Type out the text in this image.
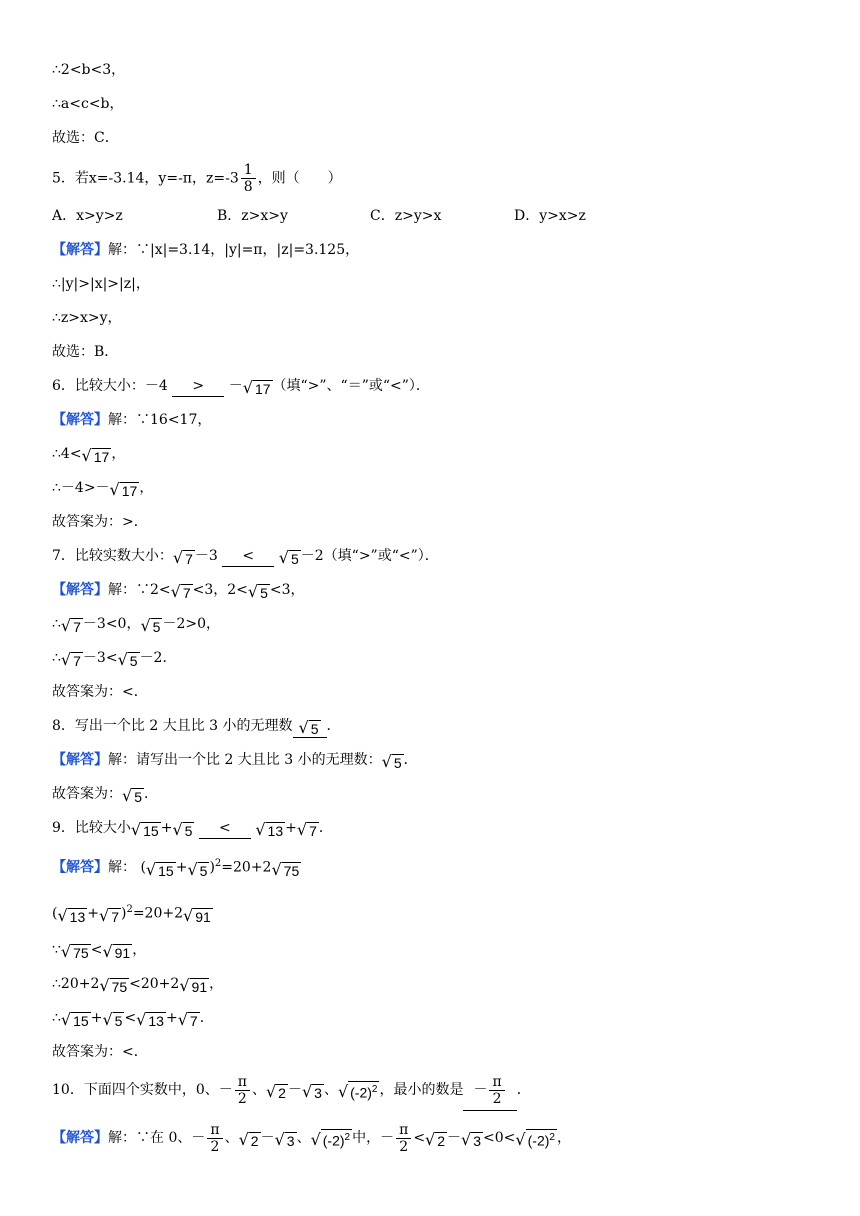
∴2<b<3，
∴a<c<b，
故选：C．
5．若x=-3.14，y=-π，$z=-3 \frac{1}{8}$ ，则（　　）
A．x>y>z	B．z>x>y	C．z>y>x	D．y>x>z
【解答】解：∵|x|=3.14，|y|=π，|z|=3.125，
∴|y|>|x|>|z|，
∴z>x>y，
故选：B．
6．比较大小：－4 > － √ 17 （填“>”、“＝”或“<”）．
【解答】解：∵16<17，
∴4< √ 17 ，
∴－4>－ √ 17 ，
故答案为：>．
7．比较实数大小： √ 7 －3 < √ 5 －2（填“>”或“<”）．
【解答】解：∵2< √ 7 <3，2< √ 5 <3，
∴ √ 7 －3<0， √ 5 －2>0，
∴ √ 7 －3< √ 5 －2．
故答案为：<．
8．写出一个比 2 大且比 3 小的无理数 √ 5 ．
【解答】解：请写出一个比 2 大且比 3 小的无理数： √ 5 ．
故答案为： √ 5 ．
9．比较大小 √ 15 + √ 5 < √ 13 + √ 7 ．
【解答】解： ( √ 15 + √ 5 )$^2$=20+2 √ 75
( √ 13 + √ 7 )$^2$=20+2 √ 91
∵ √ 75 < √ 91 ，
∴20+2 √ 75 <20+2 √ 91 ，
∴ √ 15 + √ 5 < √ 13 + √ 7 ．
故答案为：<．
10．下面四个实数中，0、－ $\frac{\pi}{2}$ 、 √ 2 － √ 3 、 √ $(-2)^2$ ，最小的数是 － $\frac{\pi}{2}$ ．
【解答】解：∵在 0、－ $\frac{\pi}{2}$ 、 √ 2 － √ 3 、 √ $(-2)^2$ 中，－ $\frac{\pi}{2}$ < √ 2 － √ 3 <0< √ $(-2)^2$ ，
